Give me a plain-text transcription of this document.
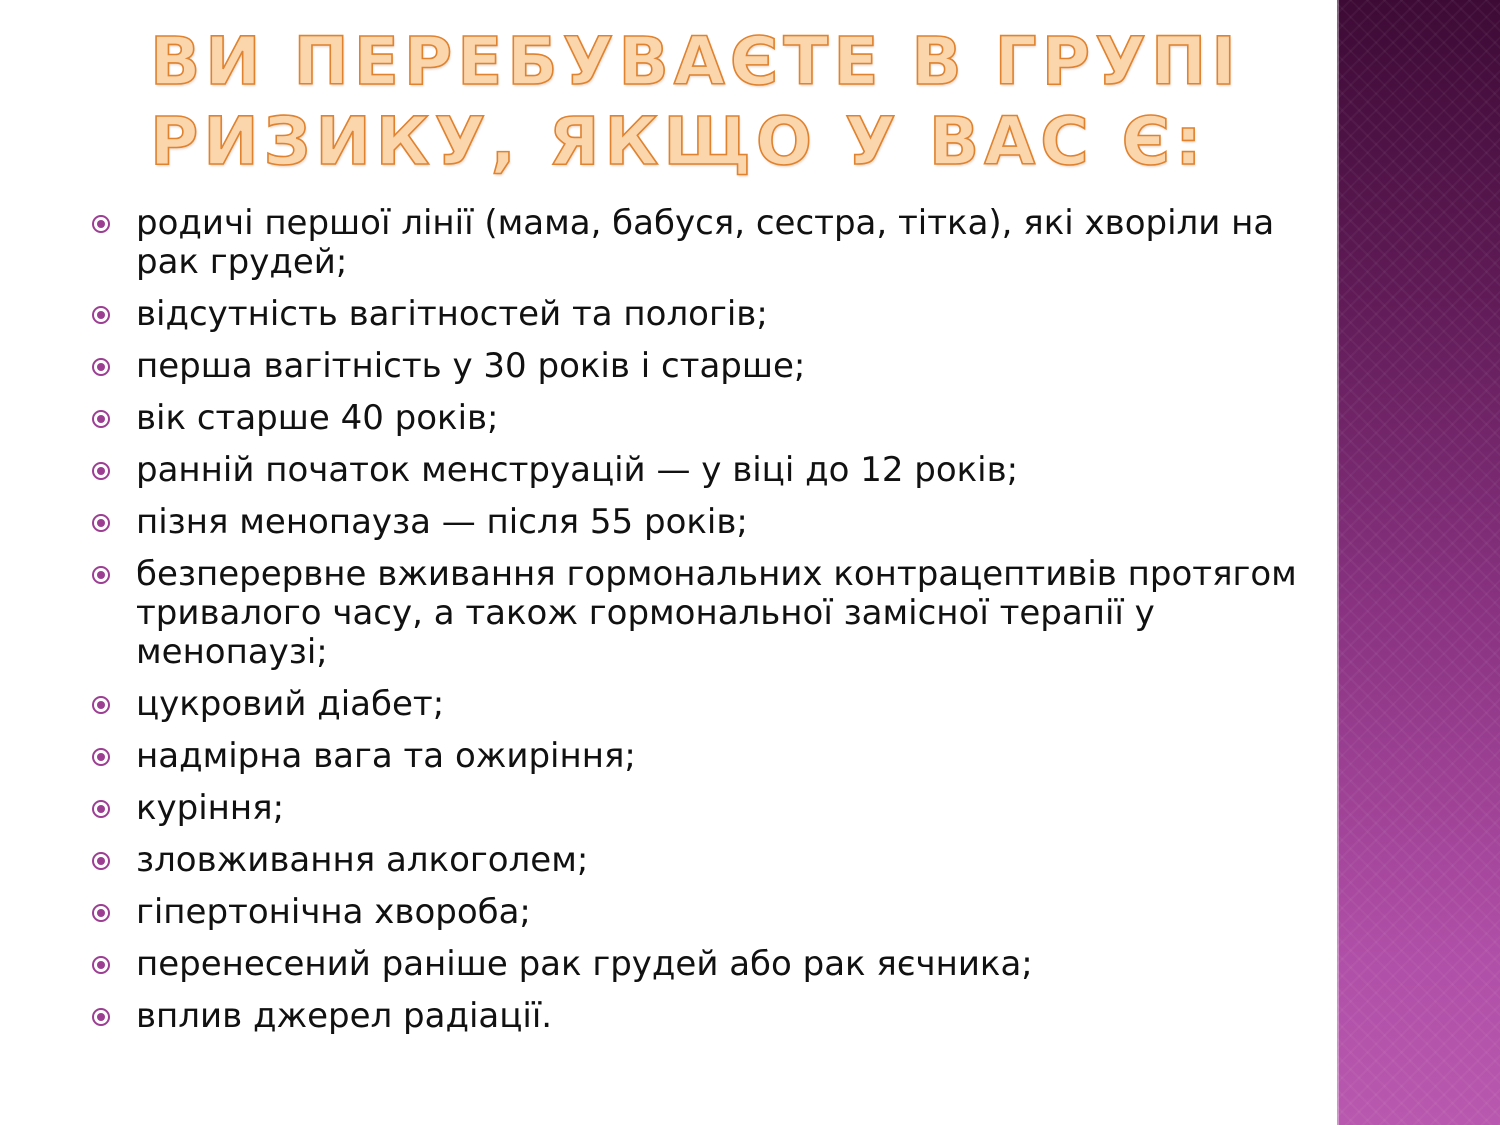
ВИ ПЕРЕБУВАЄТЕ В ГРУПІ
РИЗИКУ, ЯКЩО У ВАС Є:
родичі першої лінії (мама, бабуся, сестра, тітка), які хворіли на рак грудей;
відсутність вагітностей та пологів;
перша вагітність у 30 років і старше;
вік старше 40 років;
ранній початок менструацій — у віці до 12 років;
пізня менопауза — після 55 років;
безперервне вживання гормональних контрацептивів протягом тривалого часу, а також гормональної замісної терапії у менопаузі;
цукровий діабет;
надмірна вага та ожиріння;
куріння;
зловживання алкоголем;
гіпертонічна хвороба;
перенесений раніше рак грудей або рак яєчника;
вплив джерел радіації.
